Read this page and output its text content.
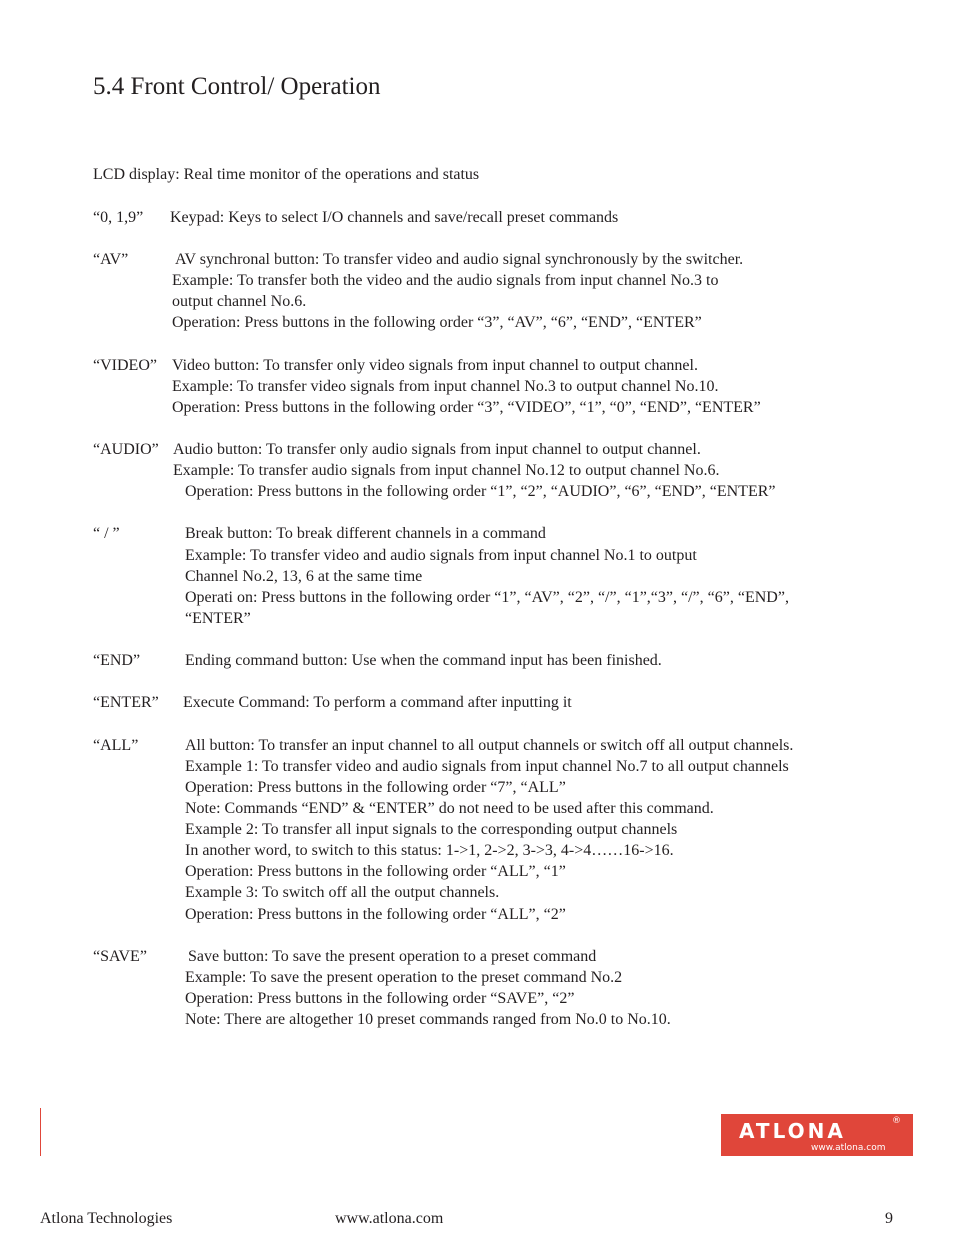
5.4 Front Control/ Operation
LCD display: Real time monitor of the operations and status
“0, 1,9” Keypad: Keys to select I/O channels and save/recall preset commands
“AV”	AV synchronal button: To transfer video and audio signal synchronously by the switcher.
Example: To transfer both the video and the audio signals from input channel No.3 to
output channel No.6.
Operation: Press buttons in the following order “3”, “AV”, “6”, “END”, “ENTER”
“VIDEO” Video button: To transfer only video signals from input channel to output channel.
Example: To transfer video signals from input channel No.3 to output channel No.10.
Operation: Press buttons in the following order “3”, “VIDEO”, “1”, “0”, “END”, “ENTER”
“AUDIO” Audio button: To transfer only audio signals from input channel to output channel.
Example: To transfer audio signals from input channel No.12 to output channel No.6.
Operation: Press buttons in the following order “1”, “2”, “AUDIO”, “6”, “END”, “ENTER”
“ / ”	Break button: To break different channels in a command
Example: To transfer video and audio signals from input channel No.1 to output
Channel No.2, 13, 6 at the same time
Operati on: Press buttons in the following order “1”, “AV”, “2”, “/”, “1”,“3”, “/”, “6”, “END”,
“ENTER”
“END”	Ending command button: Use when the command input has been finished.
“ENTER” Execute Command: To perform a command after inputting it
“ALL”	All button: To transfer an input channel to all output channels or switch off all output channels.
Example 1: To transfer video and audio signals from input channel No.7 to all output channels
Operation: Press buttons in the following order “7”, “ALL”
Note: Commands “END” & “ENTER” do not need to be used after this command.
Example 2: To transfer all input signals to the corresponding output channels
In another word, to switch to this status: 1->1, 2->2, 3->3, 4->4……16->16.
Operation: Press buttons in the following order “ALL”, “1”
Example 3: To switch off all the output channels.
Operation: Press buttons in the following order “ALL”, “2”
“SAVE”	Save button: To save the present operation to a preset command
Example: To save the present operation to the preset command No.2
Operation: Press buttons in the following order “SAVE”, “2”
Note: There are altogether 10 preset commands ranged from No.0 to No.10.
ATLONA	®
www.atlona.com
Atlona Technologies	www.atlona.com	9
